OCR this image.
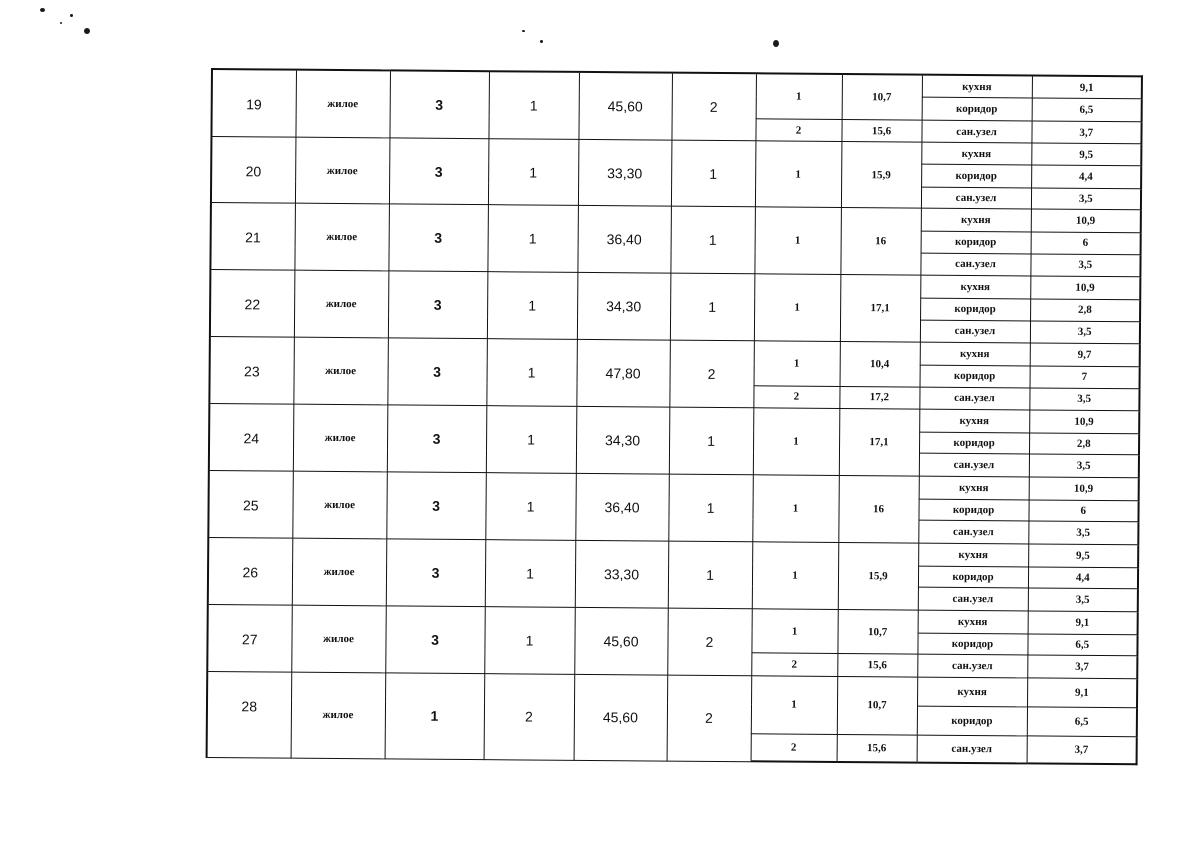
19	жилое	3	1	45,60	2	1	10,7	кухня	9,1
								коридор	6,5
						2	15,6	сан.узел	3,7
20	жилое	3	1	33,30	1	1	15,9	кухня	9,5
								коридор	4,4
								сан.узел	3,5
21	жилое	3	1	36,40	1	1	16	кухня	10,9
								коридор	6
								сан.узел	3,5
22	жилое	3	1	34,30	1	1	17,1	кухня	10,9
								коридор	2,8
								сан.узел	3,5
23	жилое	3	1	47,80	2	1	10,4	кухня	9,7
								коридор	7
						2	17,2	сан.узел	3,5
24	жилое	3	1	34,30	1	1	17,1	кухня	10,9
								коридор	2,8
								сан.узел	3,5
25	жилое	3	1	36,40	1	1	16	кухня	10,9
								коридор	6
								сан.узел	3,5
26	жилое	3	1	33,30	1	1	15,9	кухня	9,5
								коридор	4,4
								сан.узел	3,5
27	жилое	3	1	45,60	2	1	10,7	кухня	9,1
								коридор	6,5
						2	15,6	сан.узел	3,7
28	жилое	1	2	45,60	2	1	10,7	кухня	9,1
								коридор	6,5
						2	15,6	сан.узел	3,7
